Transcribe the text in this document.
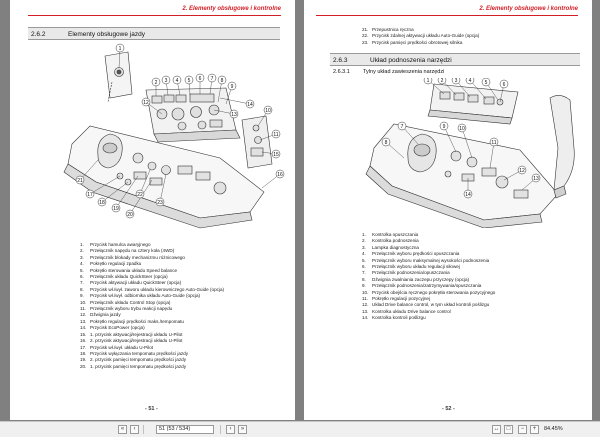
2. Elementy obsługowe i kontrolne
2.6.2	Elementy obsługowe jazdy
1
2 3 4 5 6 7 8
9
10
11
12
13
14
15
16
17
18
19
20
21
22
23
1. Przycisk hamulca awaryjnego
2. Przełącznik napędu na cztery koła (4WD)
3. Przełącznik blokady mechanizmu różnicowego
4. Pokrętło regulacji zpadku
5. Pokrętło sterowania układu Speed balance
6. Przełącznik układu QuickSteer (opcja)
7. Przycisk aktywacji układu QuickSteer (opcja)
8. Przycisk wł./wył. zaworu układu kierowniczego Auto-Guide (opcja)
9. Przycisk wł./wył. odbiornika układu Auto-Guide (opcja)
10. Przełącznik układu Control Stop (opcja)
11. Przełącznik wyboru trybu reakcji napędu
12. Dźwignia jazdy
13. Pokrętło regulacji prędkości maks./tempomatu
14. Przycisk EcoPower (opcja)
15. 1. przycisk aktywacji/rejestracji układu U-Pilot
16. 2. przycisk aktywacji/rejestracji układu U-Pilot
17. Przycisk wł./wył. układu U-Pilot
18. Przycisk wyłączania tempomatu prędkości jazdy
19. 2. przycisk pamięci tempomatu prędkości jazdy
20. 1. przycisk pamięci tempomatu prędkości jazdy
- 51 -
2. Elementy obsługowe i kontrolne
21. Przepustnica ręczna
22. Przycisk zdalnej aktywacji układu Auto-Guide (opcja)
23. Przycisk pamięci prędkości obrotowej silnika
2.6.3	Układ podnoszenia narzędzi
2.6.3.1 Tylny układ zawieszenia narzędzi
1 2 3 4	5	6
7
8
9	10
11
12
13
14
1. Kontrolka opuszczania
2. Kontrolka podnoszenia
3. Lampka diagnostyczna
4. Przełącznik wyboru prędkości opuszczania
5. Przełącznik wyboru maksymalnej wysokości podnoszenia
6. Przełącznik wyboru układu regulacji siłowej
7. Przełącznik podnoszenia/opuszczania
8. Dźwignia zwalniania zaczepu przyczepy (opcja)
9. Przełącznik podnoszenia/zatrzymywania/opuszczania
10. Przycisk obejścia ręcznego pokrętła sterowania pozycyjnego
11. Pokrętło regulacji pozycyjnej
12. Układ Drive balance control, w tym układ kontroli poślizgu
13. Kontrolka układu Drive balance control
14. Kontrolka kontroli poślizgu
- 52 -
«	‹	51 (53 / 534)	›	»	↔	□	−	+	84.45%
